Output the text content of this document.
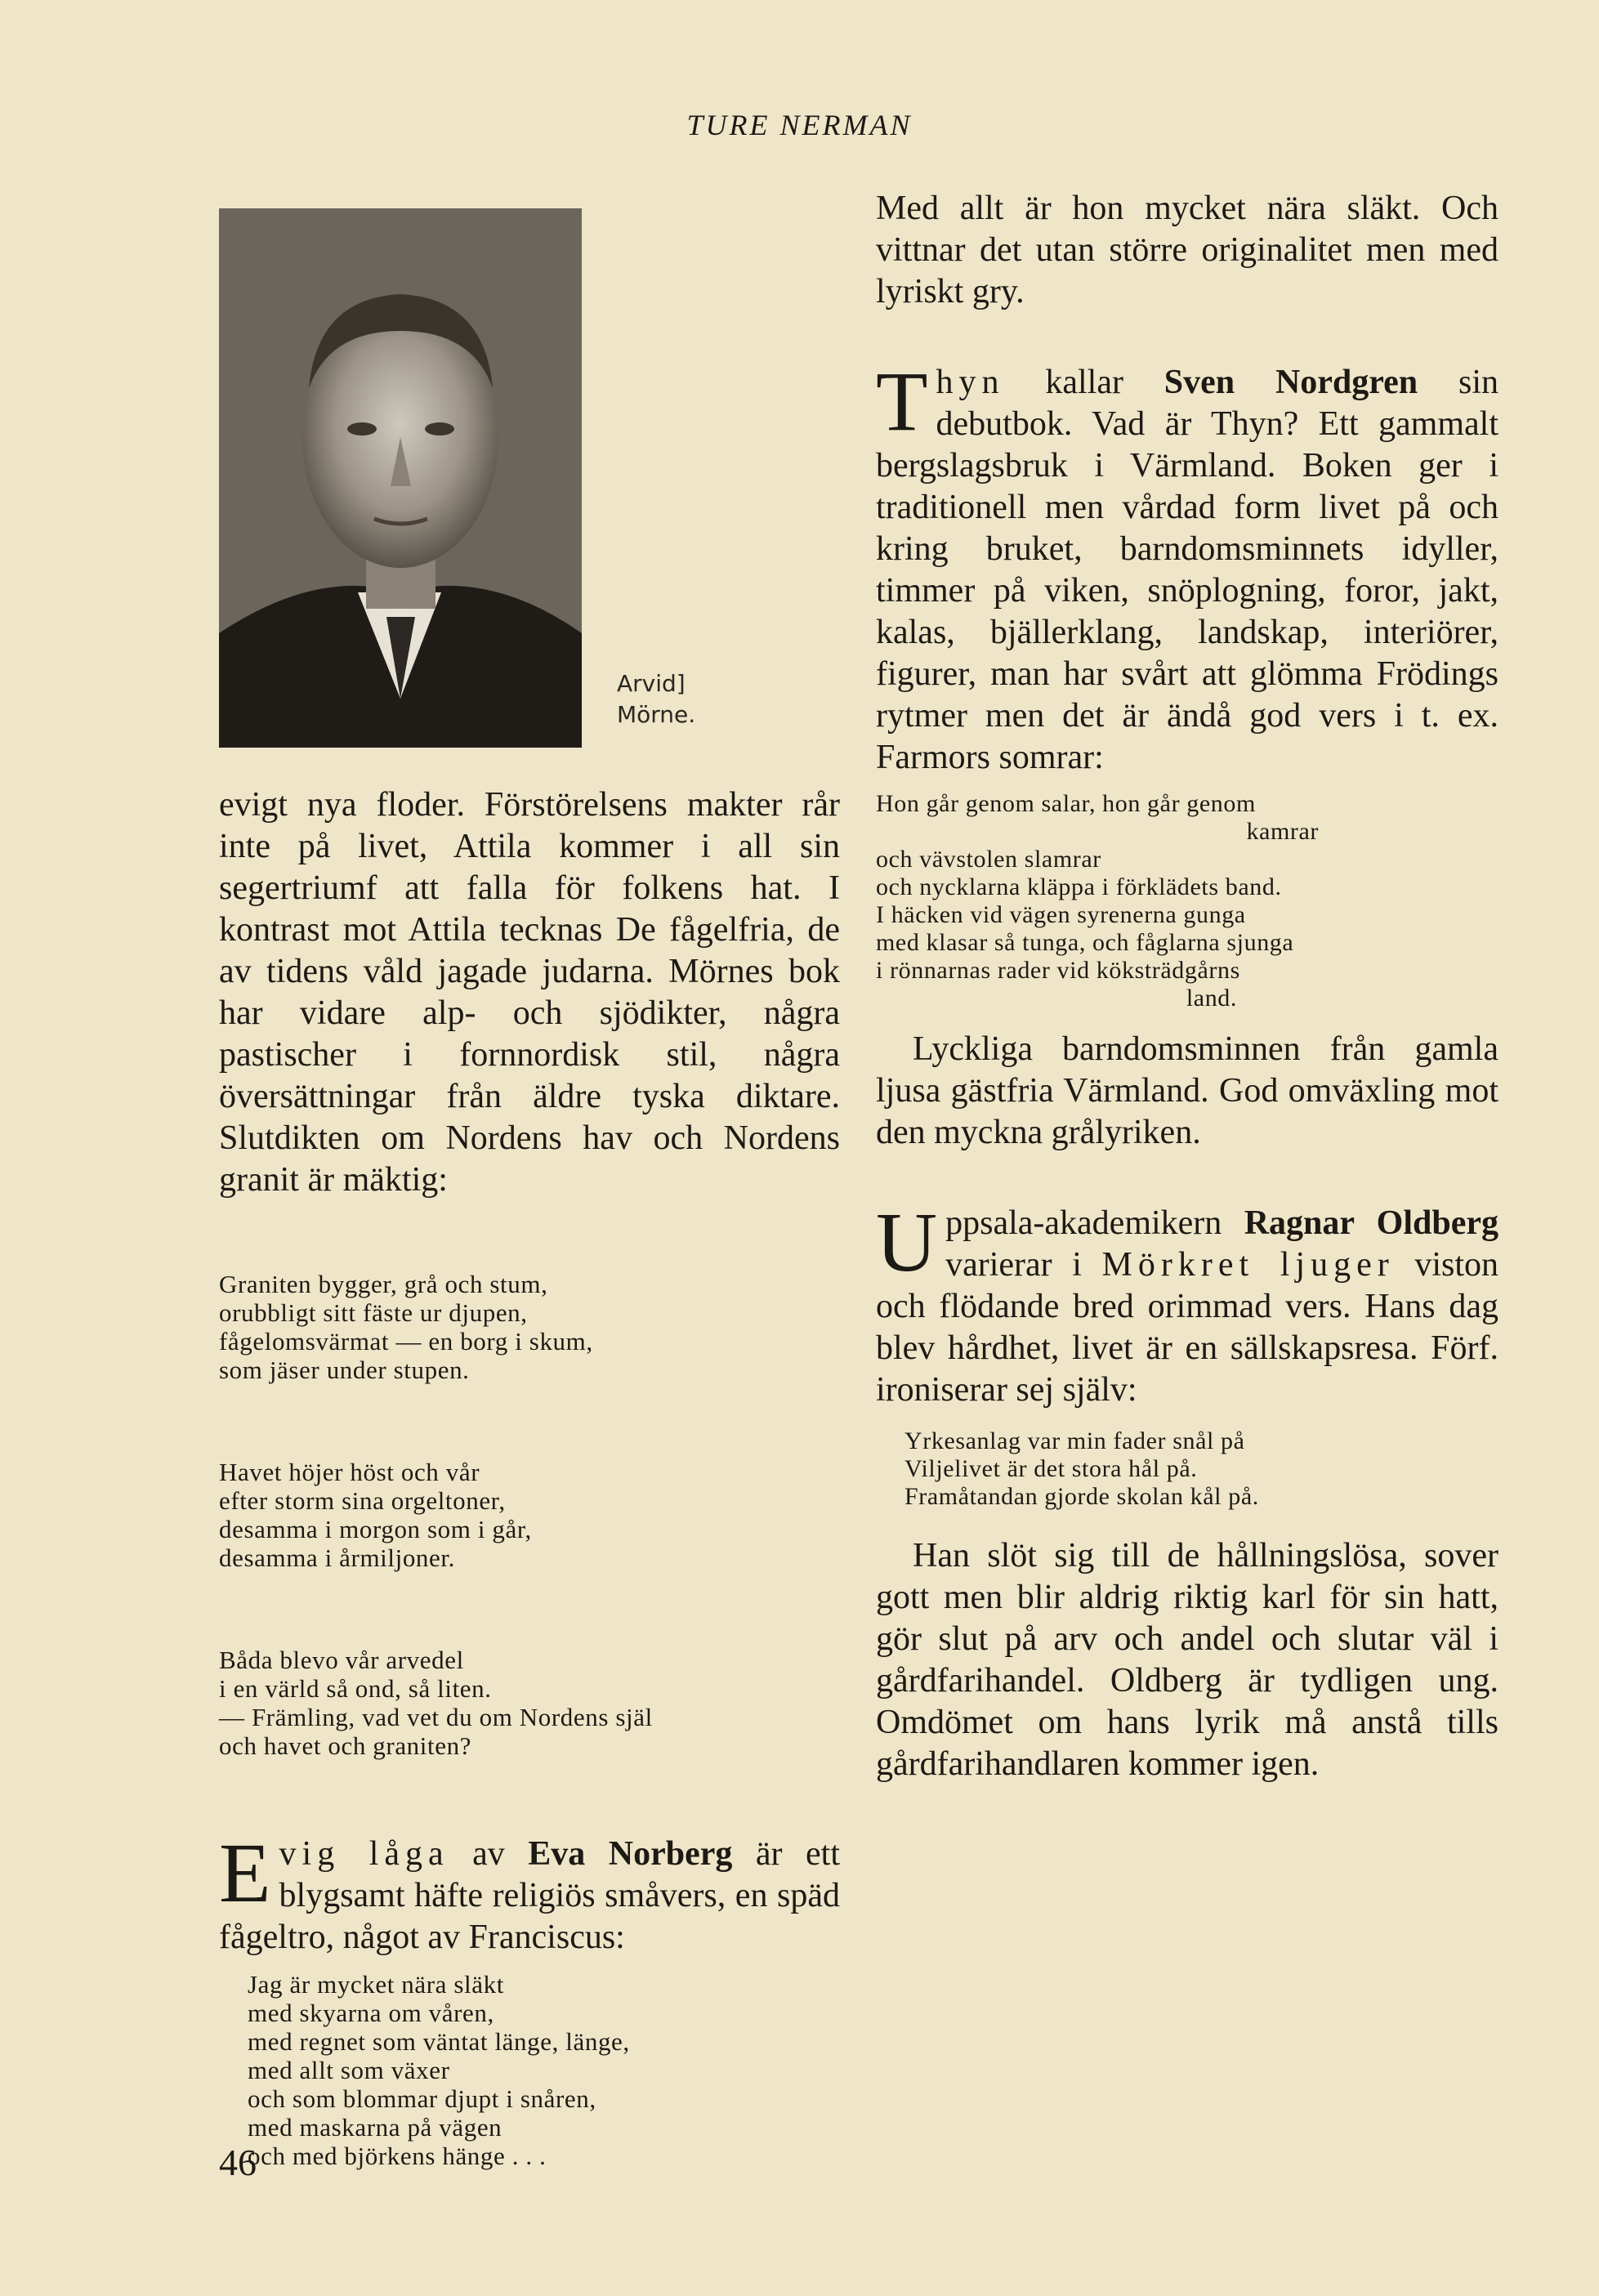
TURE NERMAN
Arvid]
Mörne.

evigt nya floder. Förstörelsens makter rår inte på livet, Attila kommer i all sin segertriumf att falla för folkens hat. I kontrast mot Attila tecknas De fågelfria, de av tidens våld jagade judarna. Mörnes bok har vidare alp- och sjödikter, några pastischer i fornnordisk stil, några översättningar från äldre tyska diktare. Slutdikten om Nordens hav och Nordens granit är mäktig:

Graniten bygger, grå och stum,
orubbligt sitt fäste ur djupen,
fågelomsvärmat — en borg i skum,
som jäser under stupen.

Havet höjer höst och vår
efter storm sina orgeltoner,
desamma i morgon som i går,
desamma i årmiljoner.

Båda blevo vår arvedel
i en värld så ond, så liten.
— Främling, vad vet du om Nordens själ
och havet och graniten?

Evig låga av Eva Norberg är ett blygsamt häfte religiös småvers, en späd fågeltro, något av Franciscus:

Jag är mycket nära släkt
med skyarna om våren,
med regnet som väntat länge, länge,
med allt som växer
och som blommar djupt i snåren,
med maskarna på vägen
och med björkens hänge . . .

Med allt är hon mycket nära släkt. Och vittnar det utan större originalitet men med lyriskt gry.

Thyn kallar Sven Nordgren sin debutbok. Vad är Thyn? Ett gammalt bergslagsbruk i Värmland. Boken ger i traditionell men vårdad form livet på och kring bruket, barndomsminnets idyller, timmer på viken, snöplogning, foror, jakt, kalas, bjällerklang, landskap, interiörer, figurer, man har svårt att glömma Frödings rytmer men det är ändå god vers i t. ex. Farmors somrar:

Hon går genom salar, hon går genom

kamrar
och vävstolen slamrar
och nycklarna kläppa i förklädets band.
I häcken vid vägen syrenerna gunga
med klasar så tunga, och fåglarna sjunga
i rönnarnas rader vid köksträdgårns

land.

Lyckliga barndomsminnen från gamla ljusa gästfria Värmland. God omväxling mot den myckna grålyriken.

Uppsala-akademikern Ragnar Oldberg varierar i Mörkret ljuger viston och flödande bred orimmad vers. Hans dag blev hårdhet, livet är en sällskapsresa. Förf. ironiserar sej själv:

Yrkesanlag var min fader snål på
Viljelivet är det stora hål på.
Framåtandan gjorde skolan kål på.

Han slöt sig till de hållningslösa, sover gott men blir aldrig riktig karl för sin hatt, gör slut på arv och andel och slutar väl i gårdfarihandel. Oldberg är tydligen ung. Omdömet om hans lyrik må anstå tills gårdfarihandlaren kommer igen.

46
